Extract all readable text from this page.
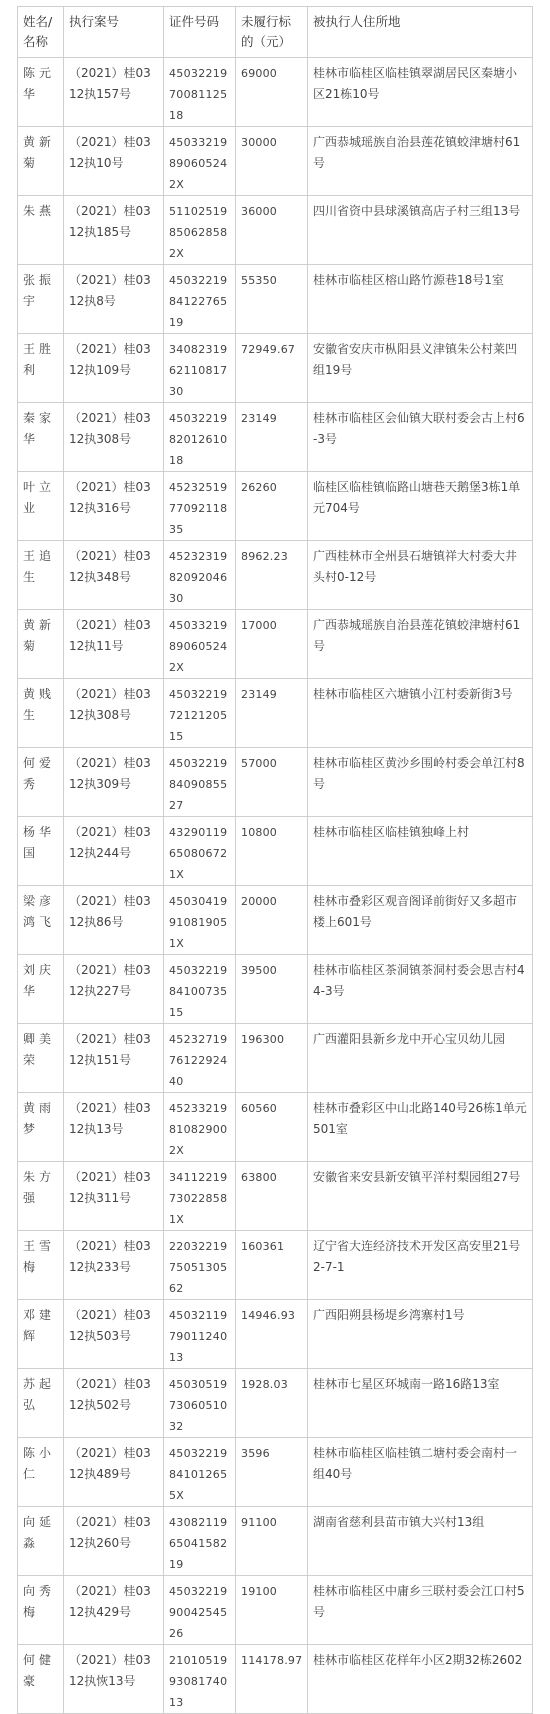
姓名/名称	执行案号	证件号码	未履行标的（元）	被执行人住所地
陈元华	（2021）桂0312执157号	450322197008112518	69000	桂林市临桂区临桂镇翠湖居民区秦塘小区21栋10号
黄新菊	（2021）桂0312执10号	450332198906052​42X	30000	广西恭城瑶族自治县莲花镇蛟津塘村61号
朱燕	（2021）桂0312执185号	511025198506​28582X	36000	四川省资中县球溪镇高店子村三组13号
张振宇	（2021）桂0312执8号	450322198412276519	55350	桂林市临桂区榕山路竹源巷18号1室
王胜利	（2021）桂0312执109号	340823196211081730	72949.67	安徽省安庆市枞阳县义津镇朱公村莱凹组19号
秦家华	（2021）桂0312执308号	450322198201261018	23149	桂林市临桂区会仙镇大联村委会古上村6-3号
叶立业	（2021）桂0312执316号	452325197709211835	26260	临桂区临桂镇临路山塘巷天鹅堡3栋1单元704号
王追生	（2021）桂0312执348号	452323198209204630	8962.23	广西桂林市全州县石塘镇祥大村委大井头村0-12号
黄新菊	（2021）桂0312执11号	450332198906052​42X	17000	广西恭城瑶族自治县莲花镇蛟津塘村61号
黄贱生	（2021）桂0312执308号	450322197212120515	23149	桂林市临桂区六塘镇小江村委新街3号
何爱秀	（2021）桂0312执309号	450322198409085527	57000	桂林市临桂区黄沙乡围岭村委会单江村8号
杨华国	（2021）桂0312执244号	432901196508​06721X	10800	桂林市临桂区临桂镇独峰上村
梁彦鸿飞	（2021）桂0312执86号	450304199108​19051X	20000	桂林市叠彩区观音阁译前街好又多超市楼上601号
刘庆华	（2021）桂0312执227号	450322198410073515	39500	桂林市临桂区茶洞镇茶洞村委会思吉村44-3号
卿美荣	（2021）桂0312执151号	452327197612292440	196300	广西灌阳县新乡龙中开心宝贝幼儿园
黄雨梦	（2021）桂0312执13号	452332198108​29002X	60560	桂林市叠彩区中山北路140号26栋1单元501室
朱方强	（2021）桂0312执311号	341122197302​28581X	63800	安徽省来安县新安镇平洋村梨园组27号
王雪梅	（2021）桂0312执233号	220322197505130562	160361	辽宁省大连经济技术开发区高安里21号2-7-1
邓建辉	（2021）桂0312执503号	450321197901124013	14946.93	广西阳朔县杨堤乡湾寨村1号
苏起弘	（2021）桂0312执502号	450305197306051032	1928.03	桂林市七星区环城南一路16路13室
陈小仁	（2021）桂0312执489号	450322198410​12655X	3596	桂林市临桂区临桂镇二塘村委会南村一组40号
向延淼	（2021）桂0312执260号	430821196504158219	91100	湖南省慈利县苗市镇大兴村13组
向秀梅	（2021）桂0312执429号	450322199004254526	19100	桂林市临桂区中庸乡三联村委会江口村5号
何健豪	（2021）桂0312执恢13号	210105199308174013	114178.97	桂林市临桂区花样年小区2期32栋2602
